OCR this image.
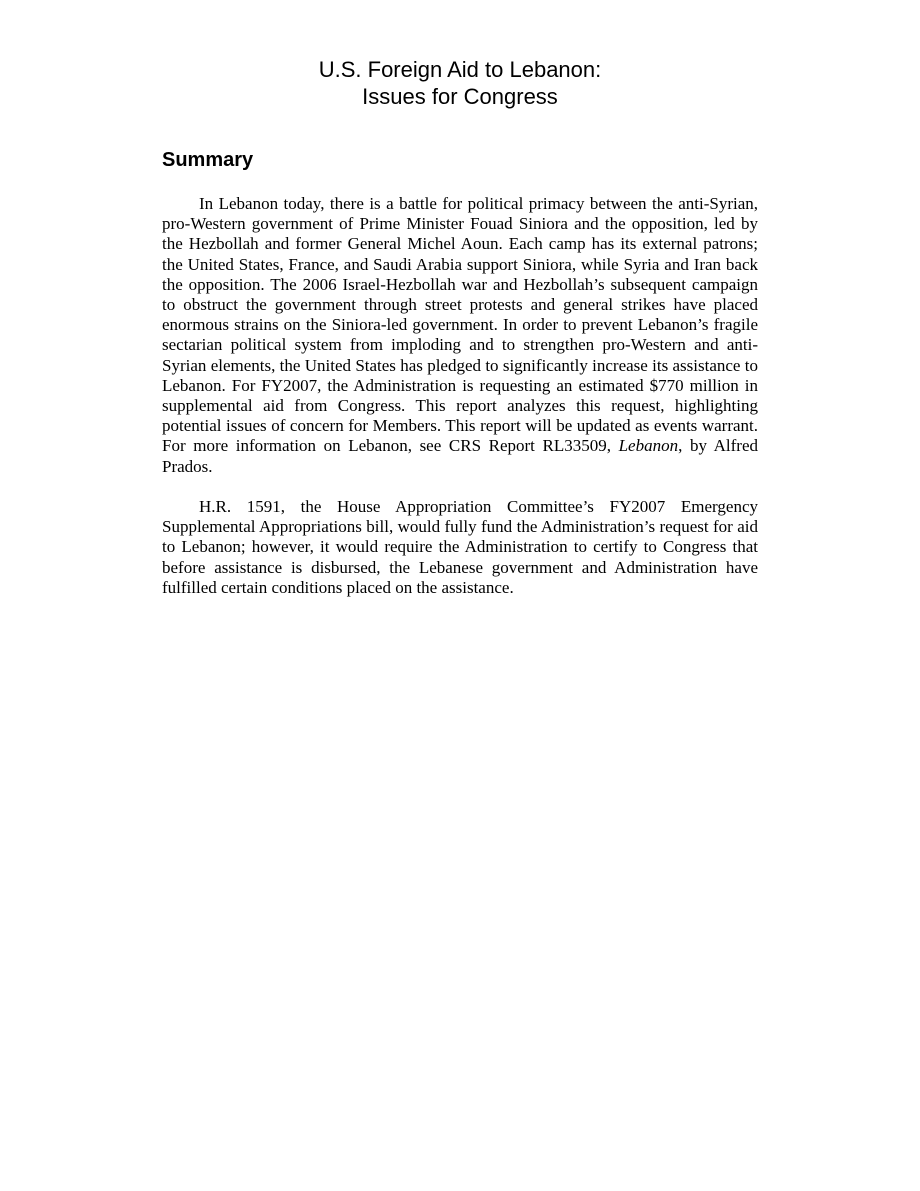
U.S. Foreign Aid to Lebanon:
Issues for Congress
Summary

In Lebanon today, there is a battle for political primacy between the anti-Syrian, pro-Western government of Prime Minister Fouad Siniora and the opposition, led by the Hezbollah and former General Michel Aoun. Each camp has its external patrons; the United States, France, and Saudi Arabia support Siniora, while Syria and Iran back the opposition. The 2006 Israel-Hezbollah war and Hezbollah’s subsequent campaign to obstruct the government through street protests and general strikes have placed enormous strains on the Siniora-led government. In order to prevent Lebanon’s fragile sectarian political system from imploding and to strengthen pro-Western and anti-Syrian elements, the United States has pledged to significantly increase its assistance to Lebanon. For FY2007, the Administration is requesting an estimated $770 million in supplemental aid from Congress. This report analyzes this request, highlighting potential issues of concern for Members. This report will be updated as events warrant. For more information on Lebanon, see CRS Report RL33509, Lebanon, by Alfred Prados.

H.R. 1591, the House Appropriation Committee’s FY2007 Emergency Supplemental Appropriations bill, would fully fund the Administration’s request for aid to Lebanon; however, it would require the Administration to certify to Congress that before assistance is disbursed, the Lebanese government and Administration have fulfilled certain conditions placed on the assistance.
